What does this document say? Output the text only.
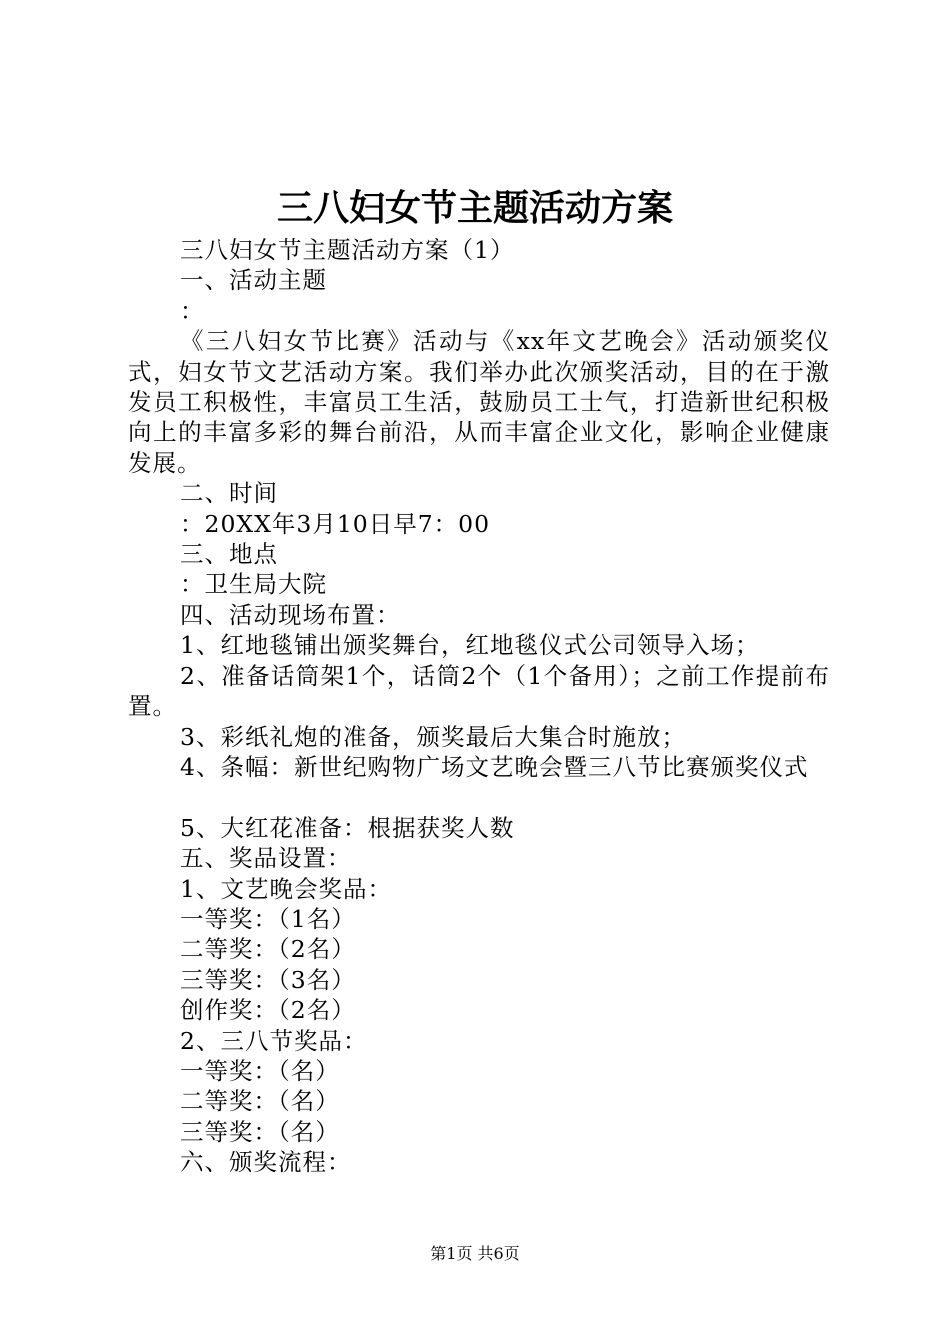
三八妇女节主题活动方案

三八妇女节主题活动方案（1）

一、活动主题

：

《三八妇女节比赛》活动与《xx年文艺晚会》活动颁奖仪式，妇女节文艺活动方案。我们举办此次颁奖活动，目的在于激发员工积极性，丰富员工生活，鼓励员工士气，打造新世纪积极向上的丰富多彩的舞台前沿，从而丰富企业文化，影响企业健康发展。

二、时间

：20XX年3月10日早7：00

三、地点

：卫生局大院

四、活动现场布置：

1、红地毯铺出颁奖舞台，红地毯仪式公司领导入场；

2、准备话筒架1个，话筒2个（1个备用）；之前工作提前布置。

3、彩纸礼炮的准备，颁奖最后大集合时施放；

4、条幅：新世纪购物广场文艺晚会暨三八节比赛颁奖仪式

5、大红花准备：根据获奖人数

五、奖品设置：

1、文艺晚会奖品：

一等奖：（1名）

二等奖：（2名）

三等奖：（3名）

创作奖：（2名）

2、三八节奖品：

一等奖：（名）

二等奖：（名）

三等奖：（名）

六、颁奖流程：

第1页 共6页
